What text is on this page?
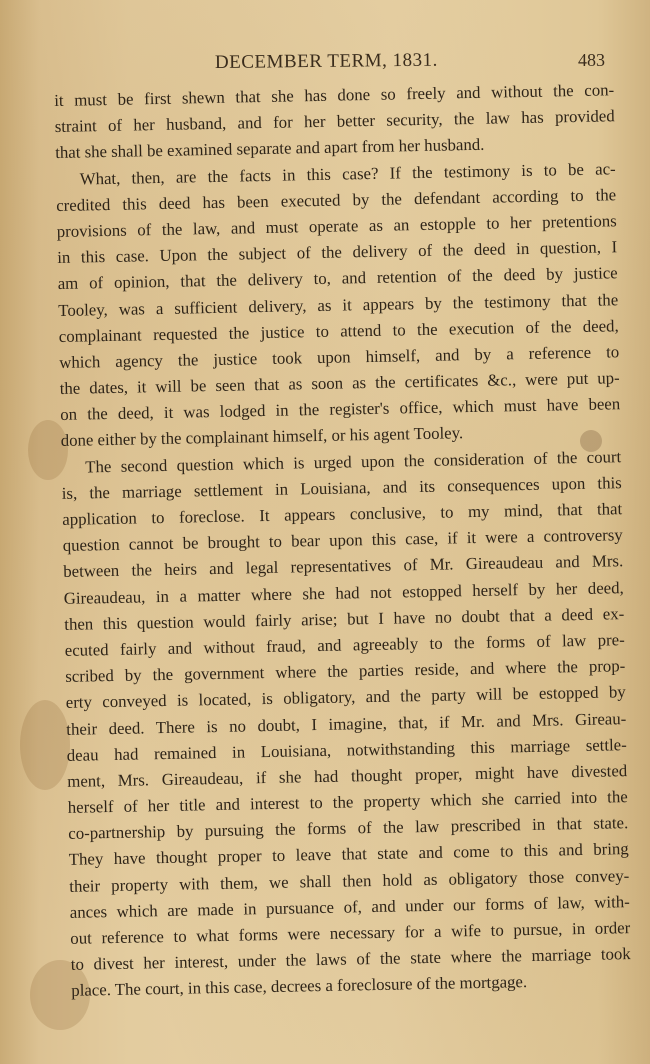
DECEMBER TERM, 1831.	483
it must be first shewn that she has done so freely and without the con-
straint of her husband, and for her better security, the law has provided
that she shall be examined separate and apart from her husband.
What, then, are the facts in this case? If the testimony is to be ac-
credited this deed has been executed by the defendant according to the
provisions of the law, and must operate as an estopple to her pretentions
in this case. Upon the subject of the delivery of the deed in question, I
am of opinion, that the delivery to, and retention of the deed by justice
Tooley, was a sufficient delivery, as it appears by the testimony that the
complainant requested the justice to attend to the execution of the deed,
which agency the justice took upon himself, and by a reference to
the dates, it will be seen that as soon as the certificates &c., were put up-
on the deed, it was lodged in the register's office, which must have been
done either by the complainant himself, or his agent Tooley.
The second question which is urged upon the consideration of the court
is, the marriage settlement in Louisiana, and its consequences upon this
application to foreclose. It appears conclusive, to my mind, that that
question cannot be brought to bear upon this case, if it were a controversy
between the heirs and legal representatives of Mr. Gireaudeau and Mrs.
Gireaudeau, in a matter where she had not estopped herself by her deed,
then this question would fairly arise; but I have no doubt that a deed ex-
ecuted fairly and without fraud, and agreeably to the forms of law pre-
scribed by the government where the parties reside, and where the prop-
erty conveyed is located, is obligatory, and the party will be estopped by
their deed. There is no doubt, I imagine, that, if Mr. and Mrs. Gireau-
deau had remained in Louisiana, notwithstanding this marriage settle-
ment, Mrs. Gireaudeau, if she had thought proper, might have divested
herself of her title and interest to the property which she carried into the
co-partnership by pursuing the forms of the law prescribed in that state.
They have thought proper to leave that state and come to this and bring
their property with them, we shall then hold as obligatory those convey-
ances which are made in pursuance of, and under our forms of law, with-
out reference to what forms were necessary for a wife to pursue, in order
to divest her interest, under the laws of the state where the marriage took
place. The court, in this case, decrees a foreclosure of the mortgage.
